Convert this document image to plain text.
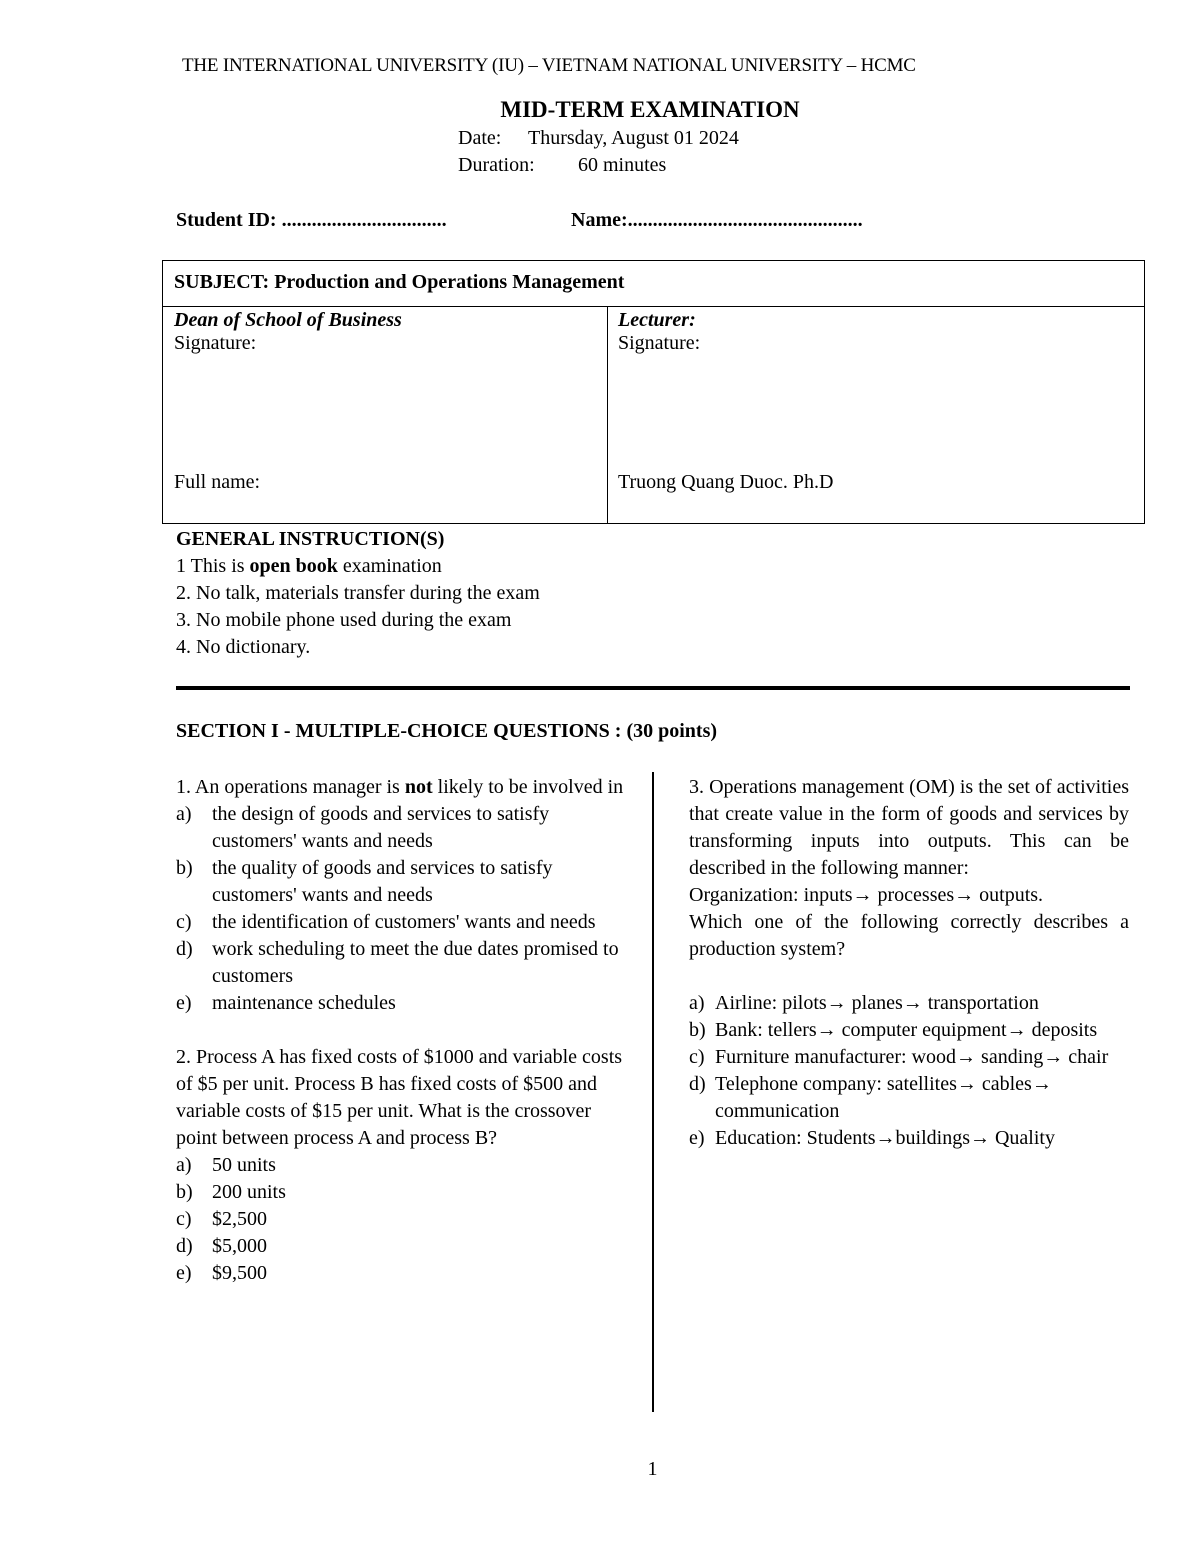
THE INTERNATIONAL UNIVERSITY (IU) – VIETNAM NATIONAL UNIVERSITY – HCMC
MID-TERM EXAMINATION
Date: Thursday, August 01 2024
Duration: 60 minutes
Student ID: .................................	Name:...............................................
SUBJECT: Production and Operations Management
Dean of School of Business
Signature:
Full name:
Lecturer:
Signature:
Truong Quang Duoc. Ph.D
GENERAL INSTRUCTION(S)
1 This is open book examination
2. No talk, materials transfer during the exam
3. No mobile phone used during the exam
4. No dictionary.
SECTION I - MULTIPLE-CHOICE QUESTIONS : (30 points)
1. An operations manager is not likely to be involved in
a)	the design of goods and services to satisfy customers' wants and needs
b) the quality of goods and services to satisfy customers' wants and needs
c)	the identification of customers' wants and needs
d) work scheduling to meet the due dates promised to customers
e)	maintenance schedules
2. Process A has fixed costs of $1000 and variable costs of $5 per unit. Process B has fixed costs of $500 and variable costs of $15 per unit. What is the crossover point between process A and process B?
a)	50 units
b) 200 units
c)	$2,500
d) $5,000
e)	$9,500
3. Operations management (OM) is the set of activities that create value in the form of goods and services by transforming inputs into outputs. This can be described in the following manner:
Organization: inputs→ processes→ outputs.
Which one of the following correctly describes a production system?
a) Airline: pilots→ planes→ transportation
b) Bank: tellers→ computer equipment→ deposits
c) Furniture manufacturer: wood→ sanding→ chair
d) Telephone company: satellites→ cables→ communication
e) Education: Students→buildings→ Quality
1
